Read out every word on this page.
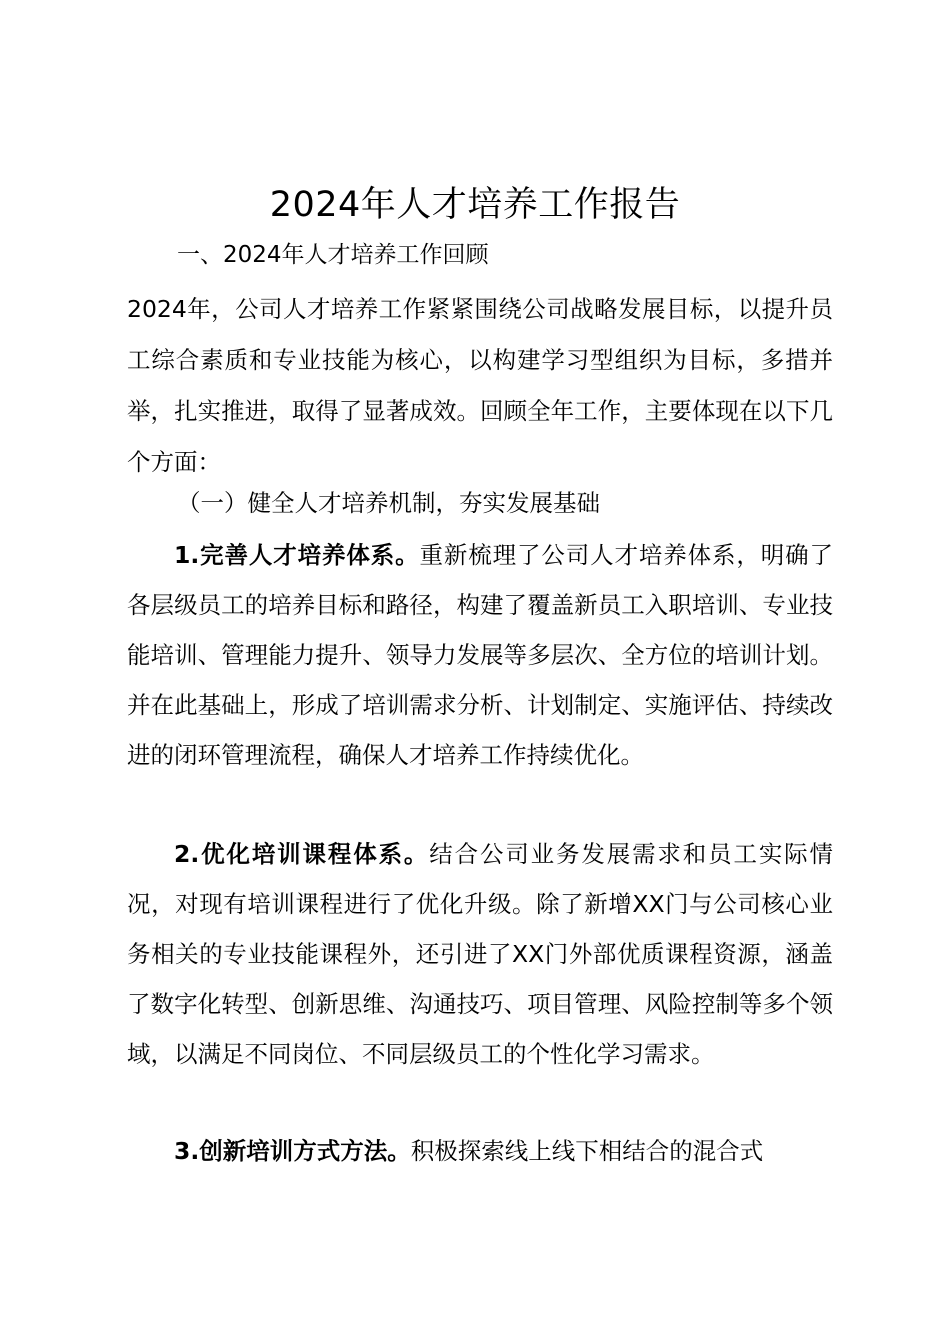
2024年人才培养工作报告
一、2024年人才培养工作回顾

2024年，公司人才培养工作紧紧围绕公司战略发展目标，以提升员工综合素质和专业技能为核心，以构建学习型组织为目标，多措并举，扎实推进，取得了显著成效。回顾全年工作，主要体现在以下几个方面：

（一）健全人才培养机制，夯实发展基础

1.完善人才培养体系。重新梳理了公司人才培养体系，明确了各层级员工的培养目标和路径，构建了覆盖新员工入职培训、专业技能培训、管理能力提升、领导力发展等多层次、全方位的培训计划。并在此基础上，形成了培训需求分析、计划制定、实施评估、持续改进的闭环管理流程，确保人才培养工作持续优化。

2.优化培训课程体系。结合公司业务发展需求和员工实际情况，对现有培训课程进行了优化升级。除了新增XX门与公司核心业务相关的专业技能课程外，还引进了XX门外部优质课程资源，涵盖了数字化转型、创新思维、沟通技巧、项目管理、风险控制等多个领域，以满足不同岗位、不同层级员工的个性化学习需求。

3.创新培训方式方法。积极探索线上线下相结合的混合式
